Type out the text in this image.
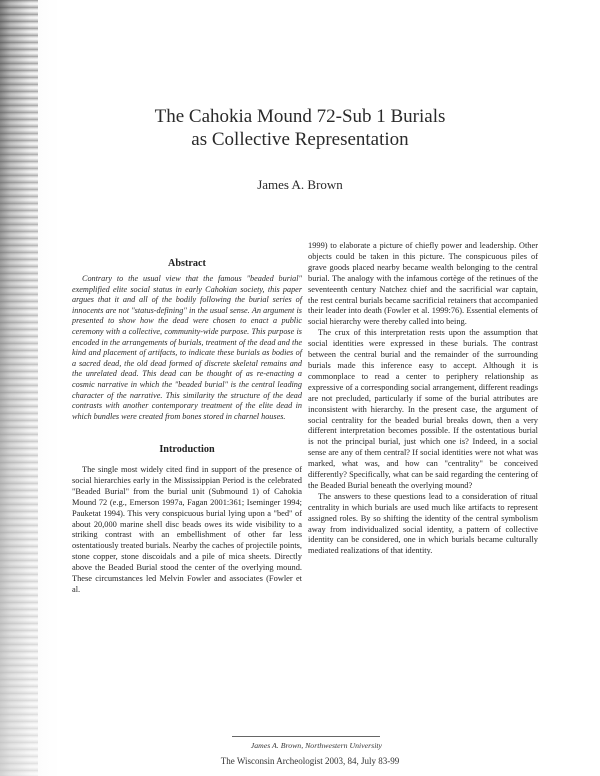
The Cahokia Mound 72-Sub 1 Burials
as Collective Representation
James A. Brown
Abstract

Contrary to the usual view that the famous "beaded burial" exemplified elite social status in early Cahokian society, this paper argues that it and all of the bodily following the burial series of innocents are not "status-defining" in the usual sense. An argument is presented to show how the dead were chosen to enact a public ceremony with a collective, community-wide purpose. This purpose is encoded in the arrangements of burials, treatment of the dead and the kind and placement of artifacts, to indicate these burials as bodies of a sacred dead, the old dead formed of discrete skeletal remains and the unrelated dead. This dead can be thought of as re-enacting a cosmic narrative in which the "beaded burial" is the central leading character of the narrative. This similarity the structure of the dead contrasts with another contemporary treatment of the elite dead in which bundles were created from bones stored in charnel houses.

Introduction

The single most widely cited find in support of the presence of social hierarchies early in the Mississippian Period is the celebrated "Beaded Burial" from the burial unit (Submound 1) of Cahokia Mound 72 (e.g., Emerson 1997a, Fagan 2001:361; Iseminger 1994; Pauketat 1994). This very conspicuous burial lying upon a "bed" of about 20,000 marine shell disc beads owes its wide visibility to a striking contrast with an embellishment of other far less ostentatiously treated burials. Nearby the caches of projectile points, stone copper, stone discoidals and a pile of mica sheets. Directly above the Beaded Burial stood the center of the overlying mound. These circumstances led Melvin Fowler and associates (Fowler et al.

1999) to elaborate a picture of chiefly power and leadership. Other objects could be taken in this picture. The conspicuous piles of grave goods placed nearby became wealth belonging to the central burial. The analogy with the infamous cortège of the retinues of the seventeenth century Natchez chief and the sacrificial war captain, the rest central burials became sacrificial retainers that accompanied their leader into death (Fowler et al. 1999:76). Essential elements of social hierarchy were thereby called into being.

The crux of this interpretation rests upon the assumption that social identities were expressed in these burials. The contrast between the central burial and the remainder of the surrounding burials made this inference easy to accept. Although it is commonplace to read a center to periphery relationship as expressive of a corresponding social arrangement, different readings are not precluded, particularly if some of the burial attributes are inconsistent with hierarchy. In the present case, the argument of social centrality for the beaded burial breaks down, then a very different interpretation becomes possible. If the ostentatious burial is not the principal burial, just which one is? Indeed, in a social sense are any of them central? If social identities were not what was marked, what was, and how can "centrality" be conceived differently? Specifically, what can be said regarding the centering of the Beaded Burial beneath the overlying mound?

The answers to these questions lead to a consideration of ritual centrality in which burials are used much like artifacts to represent assigned roles. By so shifting the identity of the central symbolism away from individualized social identity, a pattern of collective identity can be considered, one in which burials became culturally mediated realizations of that identity.

James A. Brown, Northwestern University
The Wisconsin Archeologist 2003, 84, July 83-99
